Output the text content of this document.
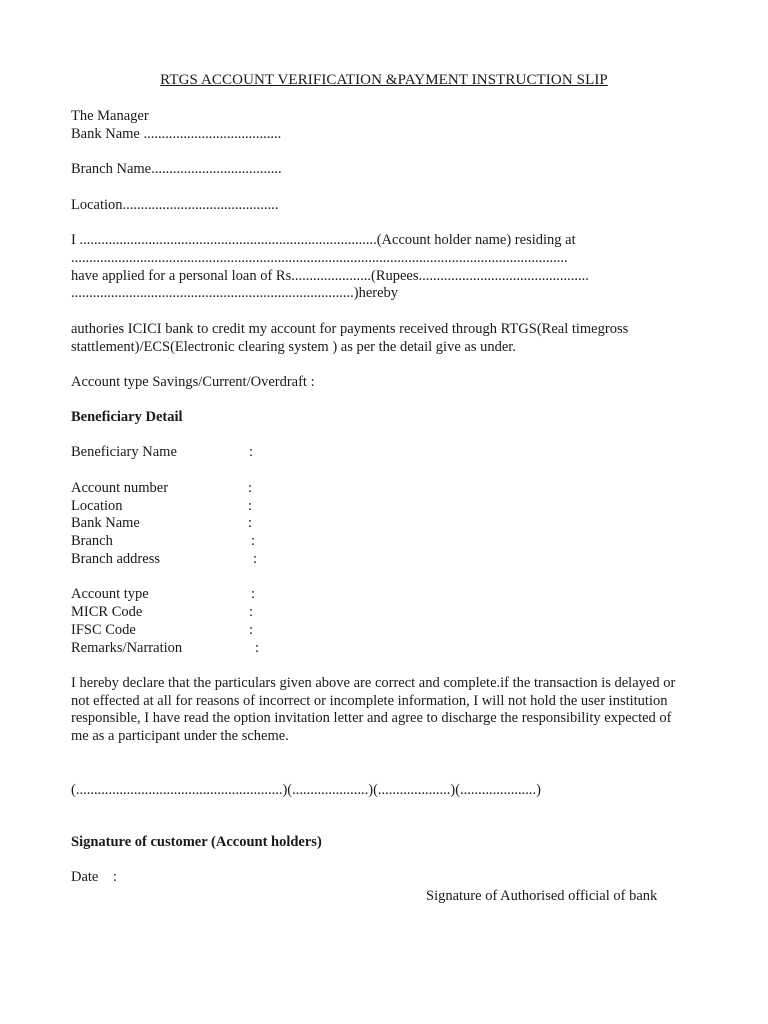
RTGS ACCOUNT VERIFICATION &PAYMENT INSTRUCTION SLIP
The Manager
Bank Name ......................................
Branch Name....................................
Location...........................................
I ..................................................................................(Account holder name) residing at
.........................................................................................................................................
have applied for a personal loan of Rs......................(Rupees...............................................
..............................................................................)hereby
authories ICICI bank to credit my account for payments received through RTGS(Real timegross stattlement)/ECS(Electronic clearing system ) as per the detail give as under.
Account type Savings/Current/Overdraft :
Beneficiary Detail
Beneficiary Name	:
Account number	:
Location	:
Bank Name	:
Branch	:
Branch address	:
Account type	:
MICR Code	:
IFSC Code	:
Remarks/Narration	:
I hereby declare that the particulars given above are correct and complete.if the transaction is delayed or not effected at all for reasons of incorrect or incomplete information, I will not hold the user institution responsible, I have read the option invitation letter and agree to discharge the responsibility expected of me as a participant under the scheme.
(.........................................................)(.....................)(....................)(.....................)
Signature of customer (Account holders)
Date    :
Signature of Authorised official of bank
